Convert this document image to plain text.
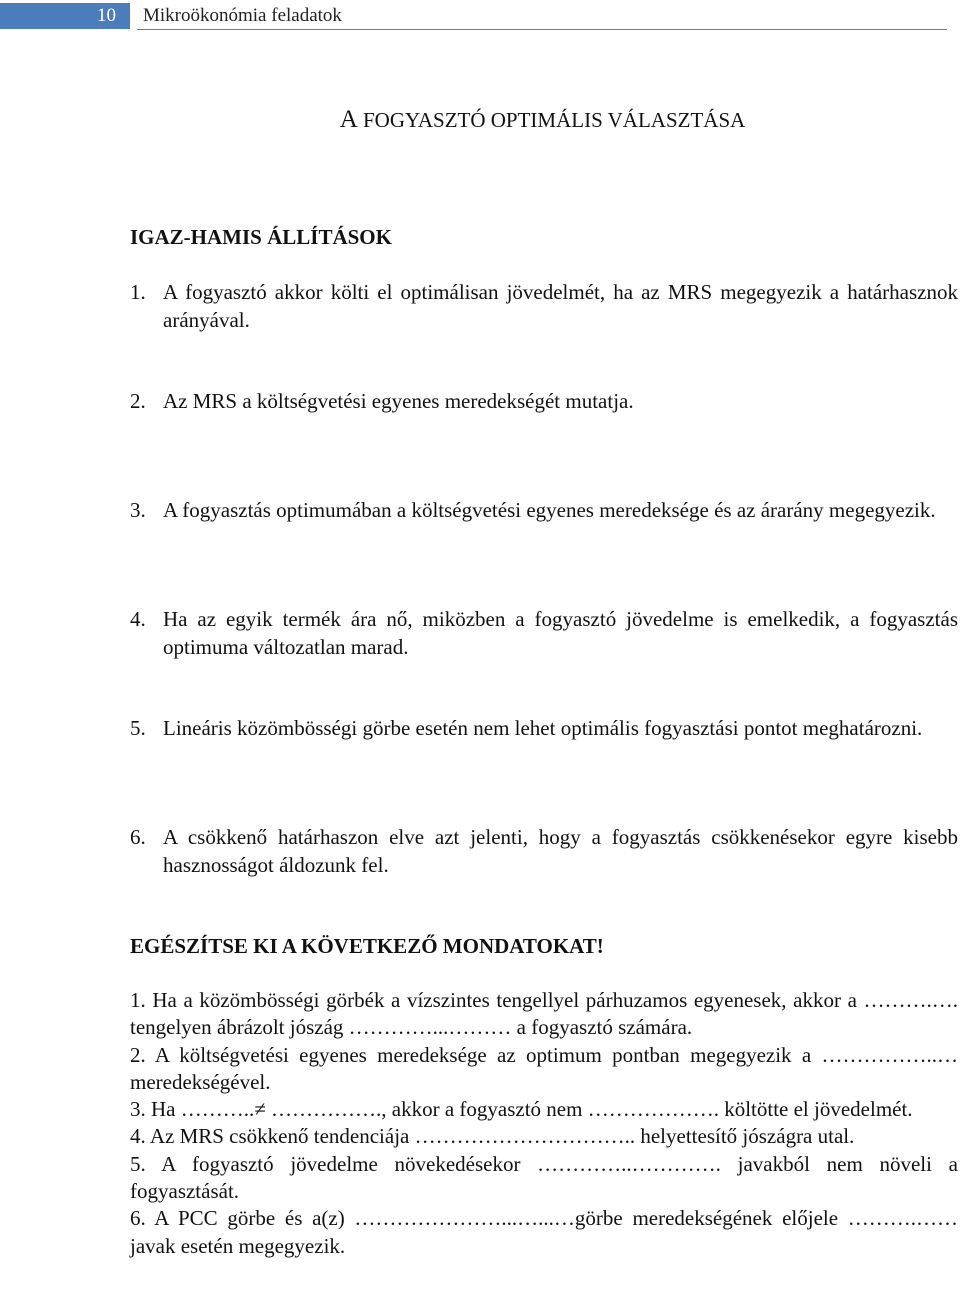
10	Mikroökonómia feladatok
A FOGYASZTÓ OPTIMÁLIS VÁLASZTÁSA
IGAZ-HAMIS ÁLLÍTÁSOK
1. A fogyasztó akkor költi el optimálisan jövedelmét, ha az MRS megegyezik a határhasznok arányával.
2. Az MRS a költségvetési egyenes meredekségét mutatja.
3. A fogyasztás optimumában a költségvetési egyenes meredeksége és az árarány megegyezik.
4. Ha az egyik termék ára nő, miközben a fogyasztó jövedelme is emelkedik, a fogyasztás optimuma változatlan marad.
5. Lineáris közömbösségi görbe esetén nem lehet optimális fogyasztási pontot meghatározni.
6. A csökkenő határhaszon elve azt jelenti, hogy a fogyasztás csökkenésekor egyre kisebb hasznosságot áldozunk fel.
EGÉSZÍTSE KI A KÖVETKEZŐ MONDATOKAT!
1. Ha a közömbösségi görbék a vízszintes tengellyel párhuzamos egyenesek, akkor a ……….…. tengelyen ábrázolt jószág …………...……… a fogyasztó számára.
2. A költségvetési egyenes meredeksége az optimum pontban megegyezik a ……………..… meredekségével.
3. Ha ………..≠ ……………., akkor a fogyasztó nem ………………. költötte el jövedelmét.
4. Az MRS csökkenő tendenciája ………………………….. helyettesítő jószágra utal.
5. A fogyasztó jövedelme növekedésekor …………..…………. javakból nem növeli a fogyasztását.
6. A PCC görbe és a(z) …………………...…...…görbe meredekségének előjele ……….…… javak esetén megegyezik.
